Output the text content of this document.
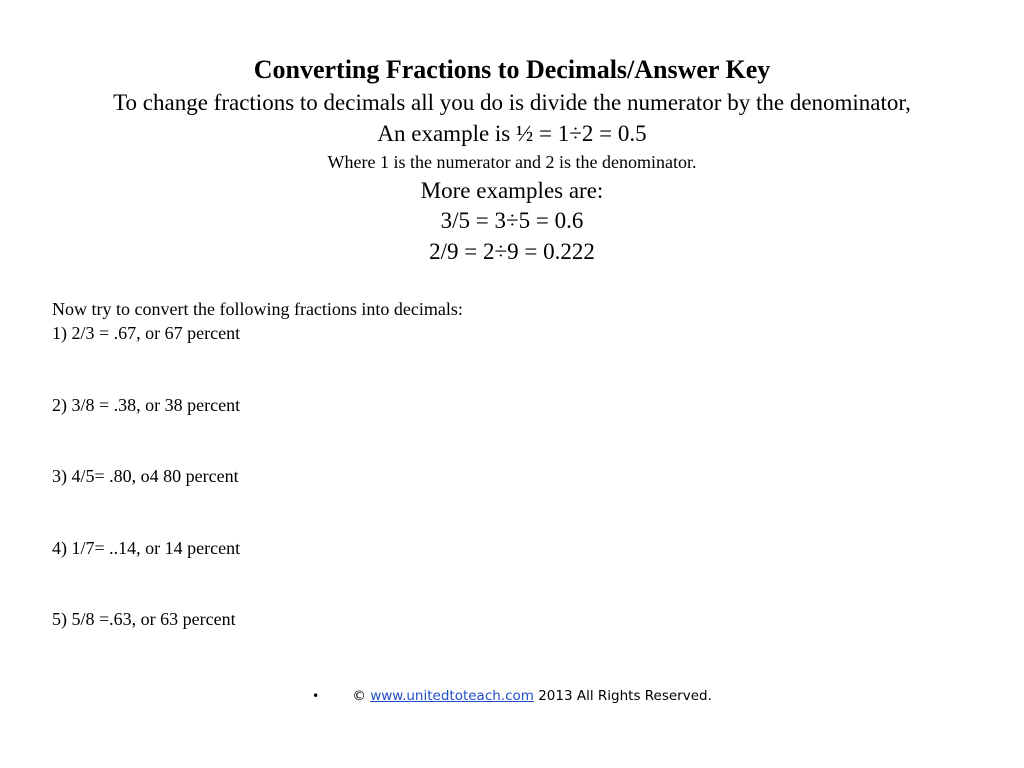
Converting Fractions to Decimals/Answer Key
To change fractions to decimals all you do is divide the numerator by the denominator,
An example is ½ = 1÷2 = 0.5
Where 1 is the numerator and 2 is the denominator.
More examples are:
3/5 = 3÷5 = 0.6
2/9 = 2÷9 = 0.222
Now try to convert the following fractions into decimals:
1) 2/3 = .67, or 67 percent
2) 3/8 = .38, or 38 percent
3) 4/5= .80, o4 80 percent
4) 1/7= ..14, or 14 percent
5) 5/8 =.63, or 63 percent
• © www.unitedtoteach.com 2013 All Rights Reserved.
